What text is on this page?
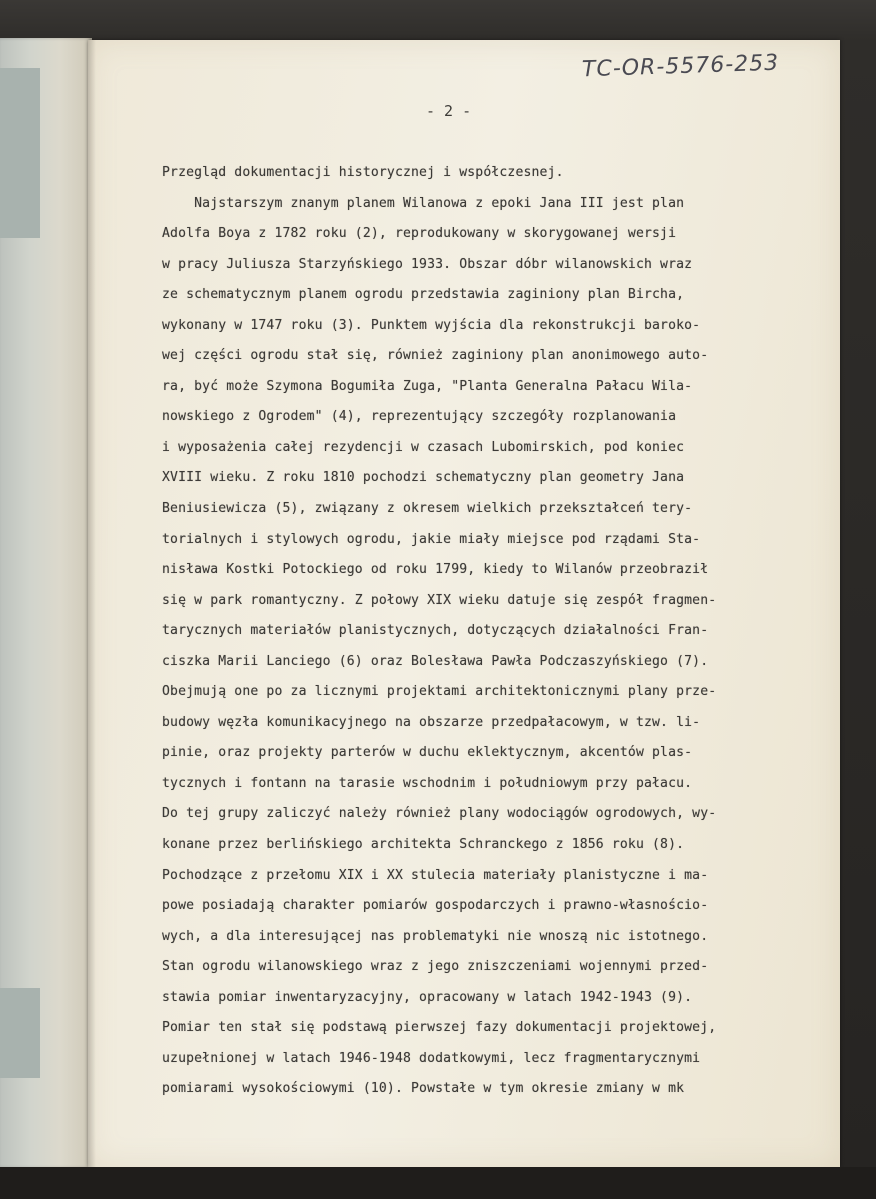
TC-OR-5576-253
- 2 -
Przegląd dokumentacji historycznej i współczesnej.
Najstarszym znanym planem Wilanowa z epoki Jana III jest plan
Adolfa Boya z 1782 roku (2), reprodukowany w skorygowanej wersji
w pracy Juliusza Starzyńskiego 1933. Obszar dóbr wilanowskich wraz
ze schematycznym planem ogrodu przedstawia zaginiony plan Bircha,
wykonany w 1747 roku (3). Punktem wyjścia dla rekonstrukcji baroko-
wej części ogrodu stał się, również zaginiony plan anonimowego auto-
ra, być może Szymona Bogumiła Zuga, "Planta Generalna Pałacu Wila-
nowskiego z Ogrodem" (4), reprezentujący szczegóły rozplanowania
i wyposażenia całej rezydencji w czasach Lubomirskich, pod koniec
XVIII wieku. Z roku 1810 pochodzi schematyczny plan geometry Jana
Beniusiewicza (5), związany z okresem wielkich przekształceń tery-
torialnych i stylowych ogrodu, jakie miały miejsce pod rządami Sta-
nisława Kostki Potockiego od roku 1799, kiedy to Wilanów przeobraził
się w park romantyczny. Z połowy XIX wieku datuje się zespół fragmen-
tarycznych materiałów planistycznych, dotyczących działalności Fran-
ciszka Marii Lanciego (6) oraz Bolesława Pawła Podczaszyńskiego (7).
Obejmują one po za licznymi projektami architektonicznymi plany prze-
budowy węzła komunikacyjnego na obszarze przedpałacowym, w tzw. li-
pinie, oraz projekty parterów w duchu eklektycznym, akcentów plas-
tycznych i fontann na tarasie wschodnim i południowym przy pałacu.
Do tej grupy zaliczyć należy również plany wodociągów ogrodowych, wy-
konane przez berlińskiego architekta Schranckego z 1856 roku (8).
Pochodzące z przełomu XIX i XX stulecia materiały planistyczne i ma-
powe posiadają charakter pomiarów gospodarczych i prawno-własnościo-
wych, a dla interesującej nas problematyki nie wnoszą nic istotnego.
Stan ogrodu wilanowskiego wraz z jego zniszczeniami wojennymi przed-
stawia pomiar inwentaryzacyjny, opracowany w latach 1942-1943 (9).
Pomiar ten stał się podstawą pierwszej fazy dokumentacji projektowej,
uzupełnionej w latach 1946-1948 dodatkowymi, lecz fragmentarycznymi
pomiarami wysokościowymi (10). Powstałe w tym okresie zmiany w mk
